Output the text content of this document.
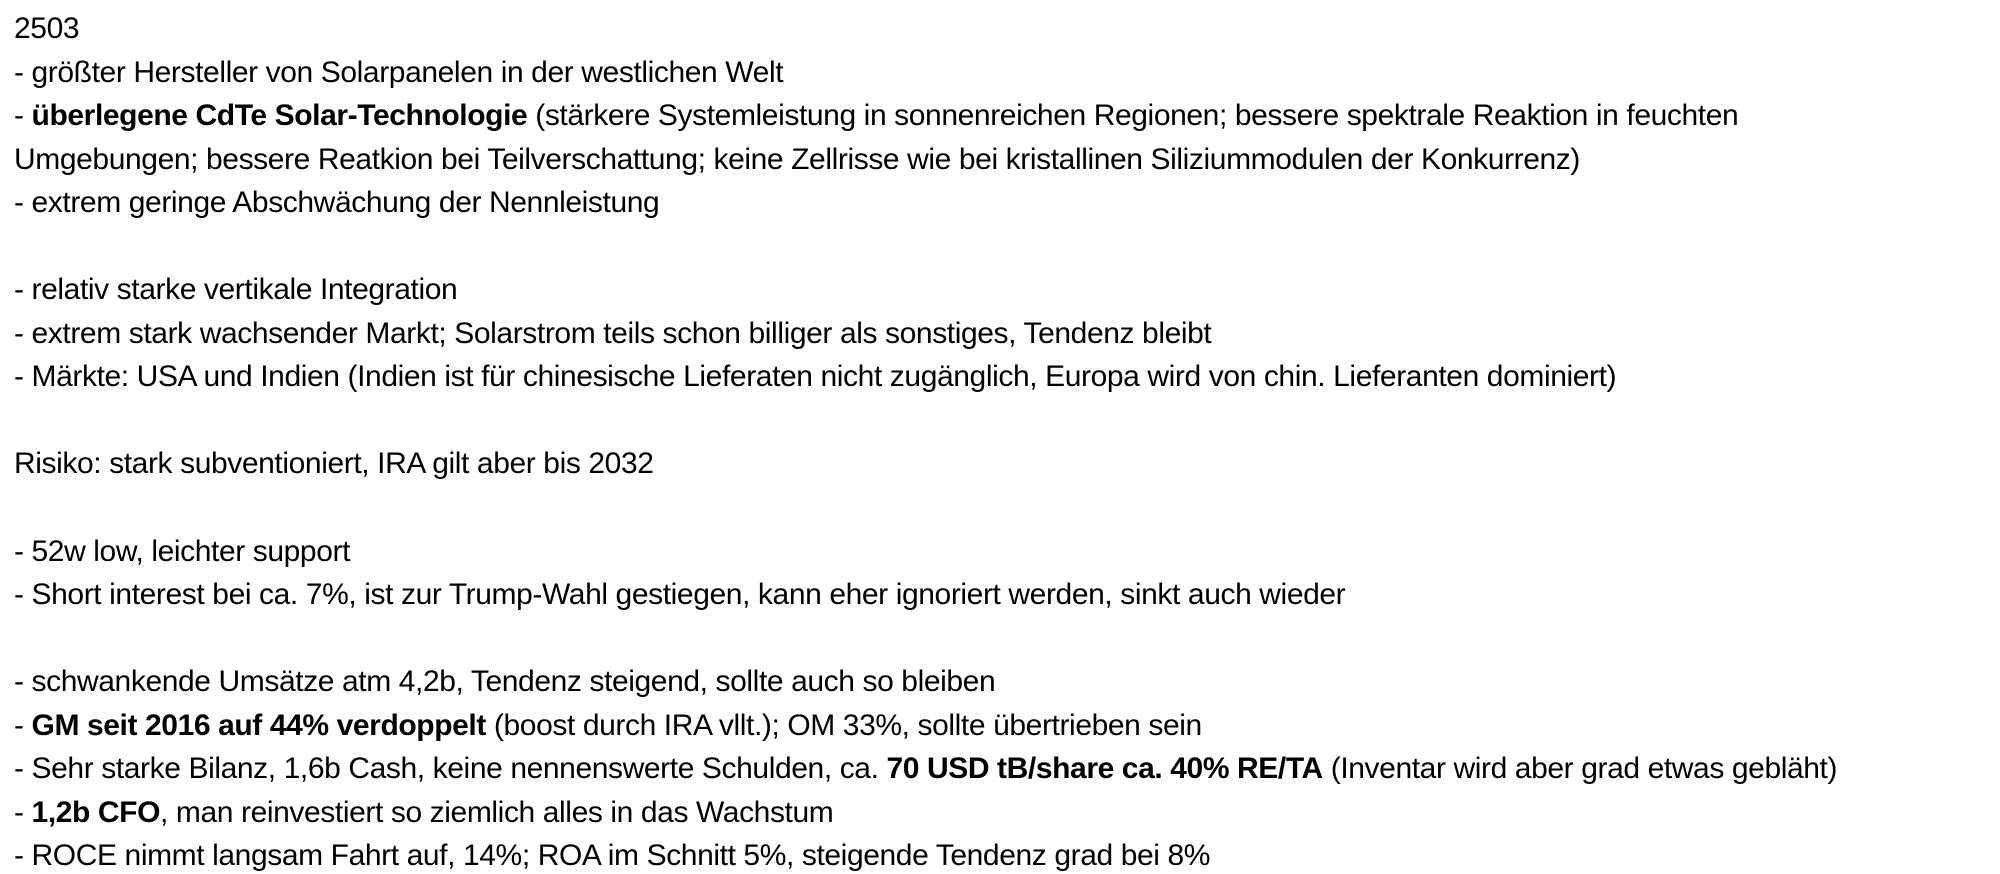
2503
- größter Hersteller von Solarpanelen in der westlichen Welt
- überlegene CdTe Solar-Technologie (stärkere Systemleistung in sonnenreichen Regionen; bessere spektrale Reaktion in feuchten
Umgebungen; bessere Reatkion bei Teilverschattung; keine Zellrisse wie bei kristallinen Siliziummodulen der Konkurrenz)
- extrem geringe Abschwächung der Nennleistung
- relativ starke vertikale Integration
- extrem stark wachsender Markt; Solarstrom teils schon billiger als sonstiges, Tendenz bleibt
- Märkte: USA und Indien (Indien ist für chinesische Lieferaten nicht zugänglich, Europa wird von chin. Lieferanten dominiert)
Risiko: stark subventioniert, IRA gilt aber bis 2032
- 52w low, leichter support
- Short interest bei ca. 7%, ist zur Trump-Wahl gestiegen, kann eher ignoriert werden, sinkt auch wieder
- schwankende Umsätze atm 4,2b, Tendenz steigend, sollte auch so bleiben
- GM seit 2016 auf 44% verdoppelt (boost durch IRA vllt.); OM 33%, sollte übertrieben sein
- Sehr starke Bilanz, 1,6b Cash, keine nennenswerte Schulden, ca. 70 USD tB/share ca. 40% RE/TA (Inventar wird aber grad etwas gebläht)
- 1,2b CFO, man reinvestiert so ziemlich alles in das Wachstum
- ROCE nimmt langsam Fahrt auf, 14%; ROA im Schnitt 5%, steigende Tendenz grad bei 8%
